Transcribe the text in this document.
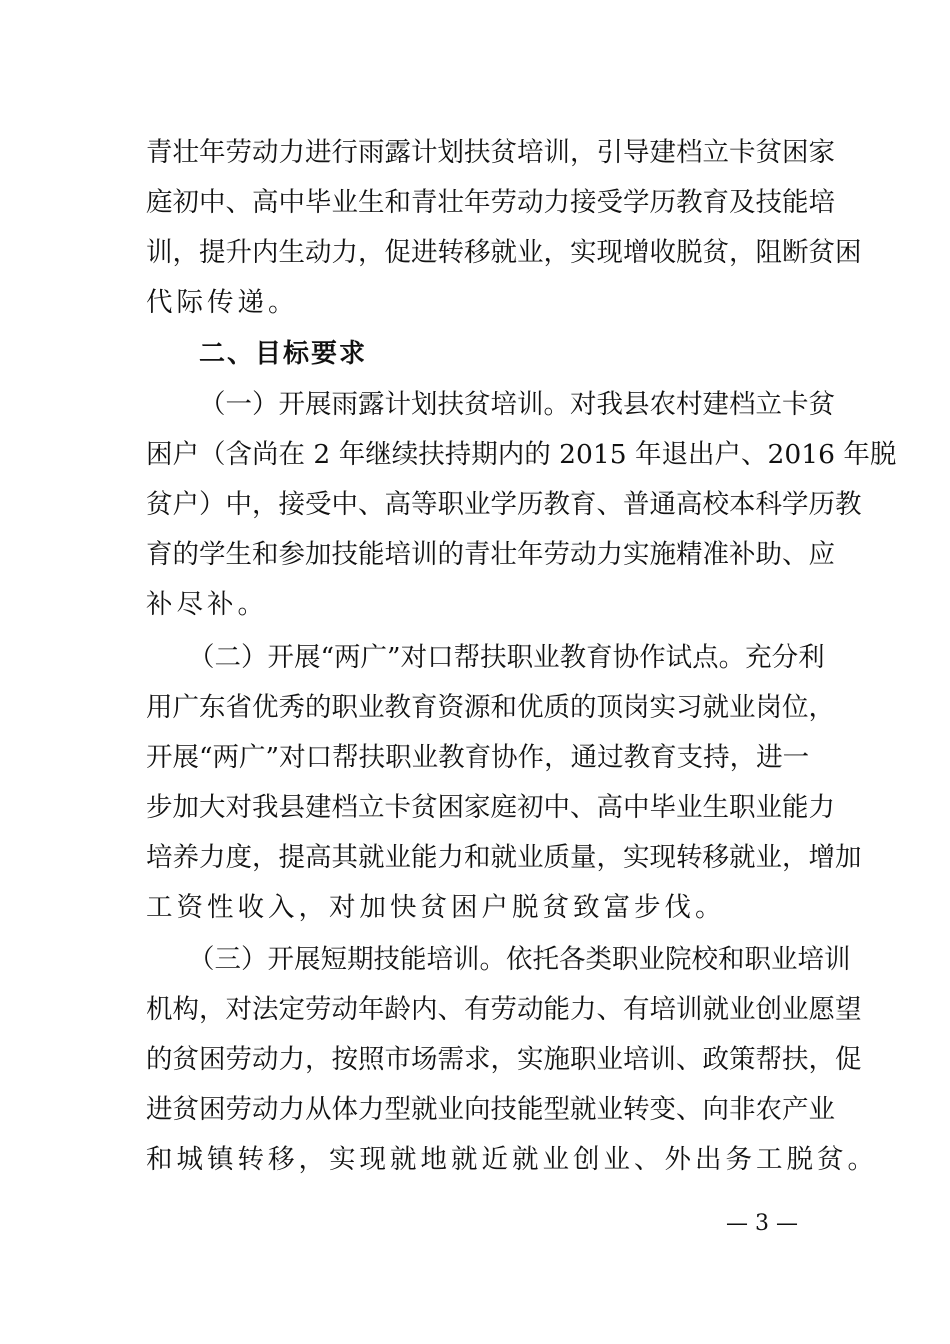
青壮年劳动力进行雨露计划扶贫培训，引导建档立卡贫困家
庭初中、高中毕业生和青壮年劳动力接受学历教育及技能培
训，提升内生动力，促进转移就业，实现增收脱贫，阻断贫困
代际传递。
二、目标要求
（一）开展雨露计划扶贫培训。对我县农村建档立卡贫
困户（含尚在 2 年继续扶持期内的 2015 年退出户、2016 年脱
贫户）中，接受中、高等职业学历教育、普通高校本科学历教
育的学生和参加技能培训的青壮年劳动力实施精准补助、应
补尽补。
（二）开展“两广”对口帮扶职业教育协作试点。充分利
用广东省优秀的职业教育资源和优质的顶岗实习就业岗位，
开展“两广”对口帮扶职业教育协作，通过教育支持，进一
步加大对我县建档立卡贫困家庭初中、高中毕业生职业能力
培养力度，提高其就业能力和就业质量，实现转移就业，增加
工资性收入，对加快贫困户脱贫致富步伐。
（三）开展短期技能培训。依托各类职业院校和职业培训
机构，对法定劳动年龄内、有劳动能力、有培训就业创业愿望
的贫困劳动力，按照市场需求，实施职业培训、政策帮扶，促
进贫困劳动力从体力型就业向技能型就业转变、向非农产业
和城镇转移，实现就地就近就业创业、外出务工脱贫。
— 3 —
